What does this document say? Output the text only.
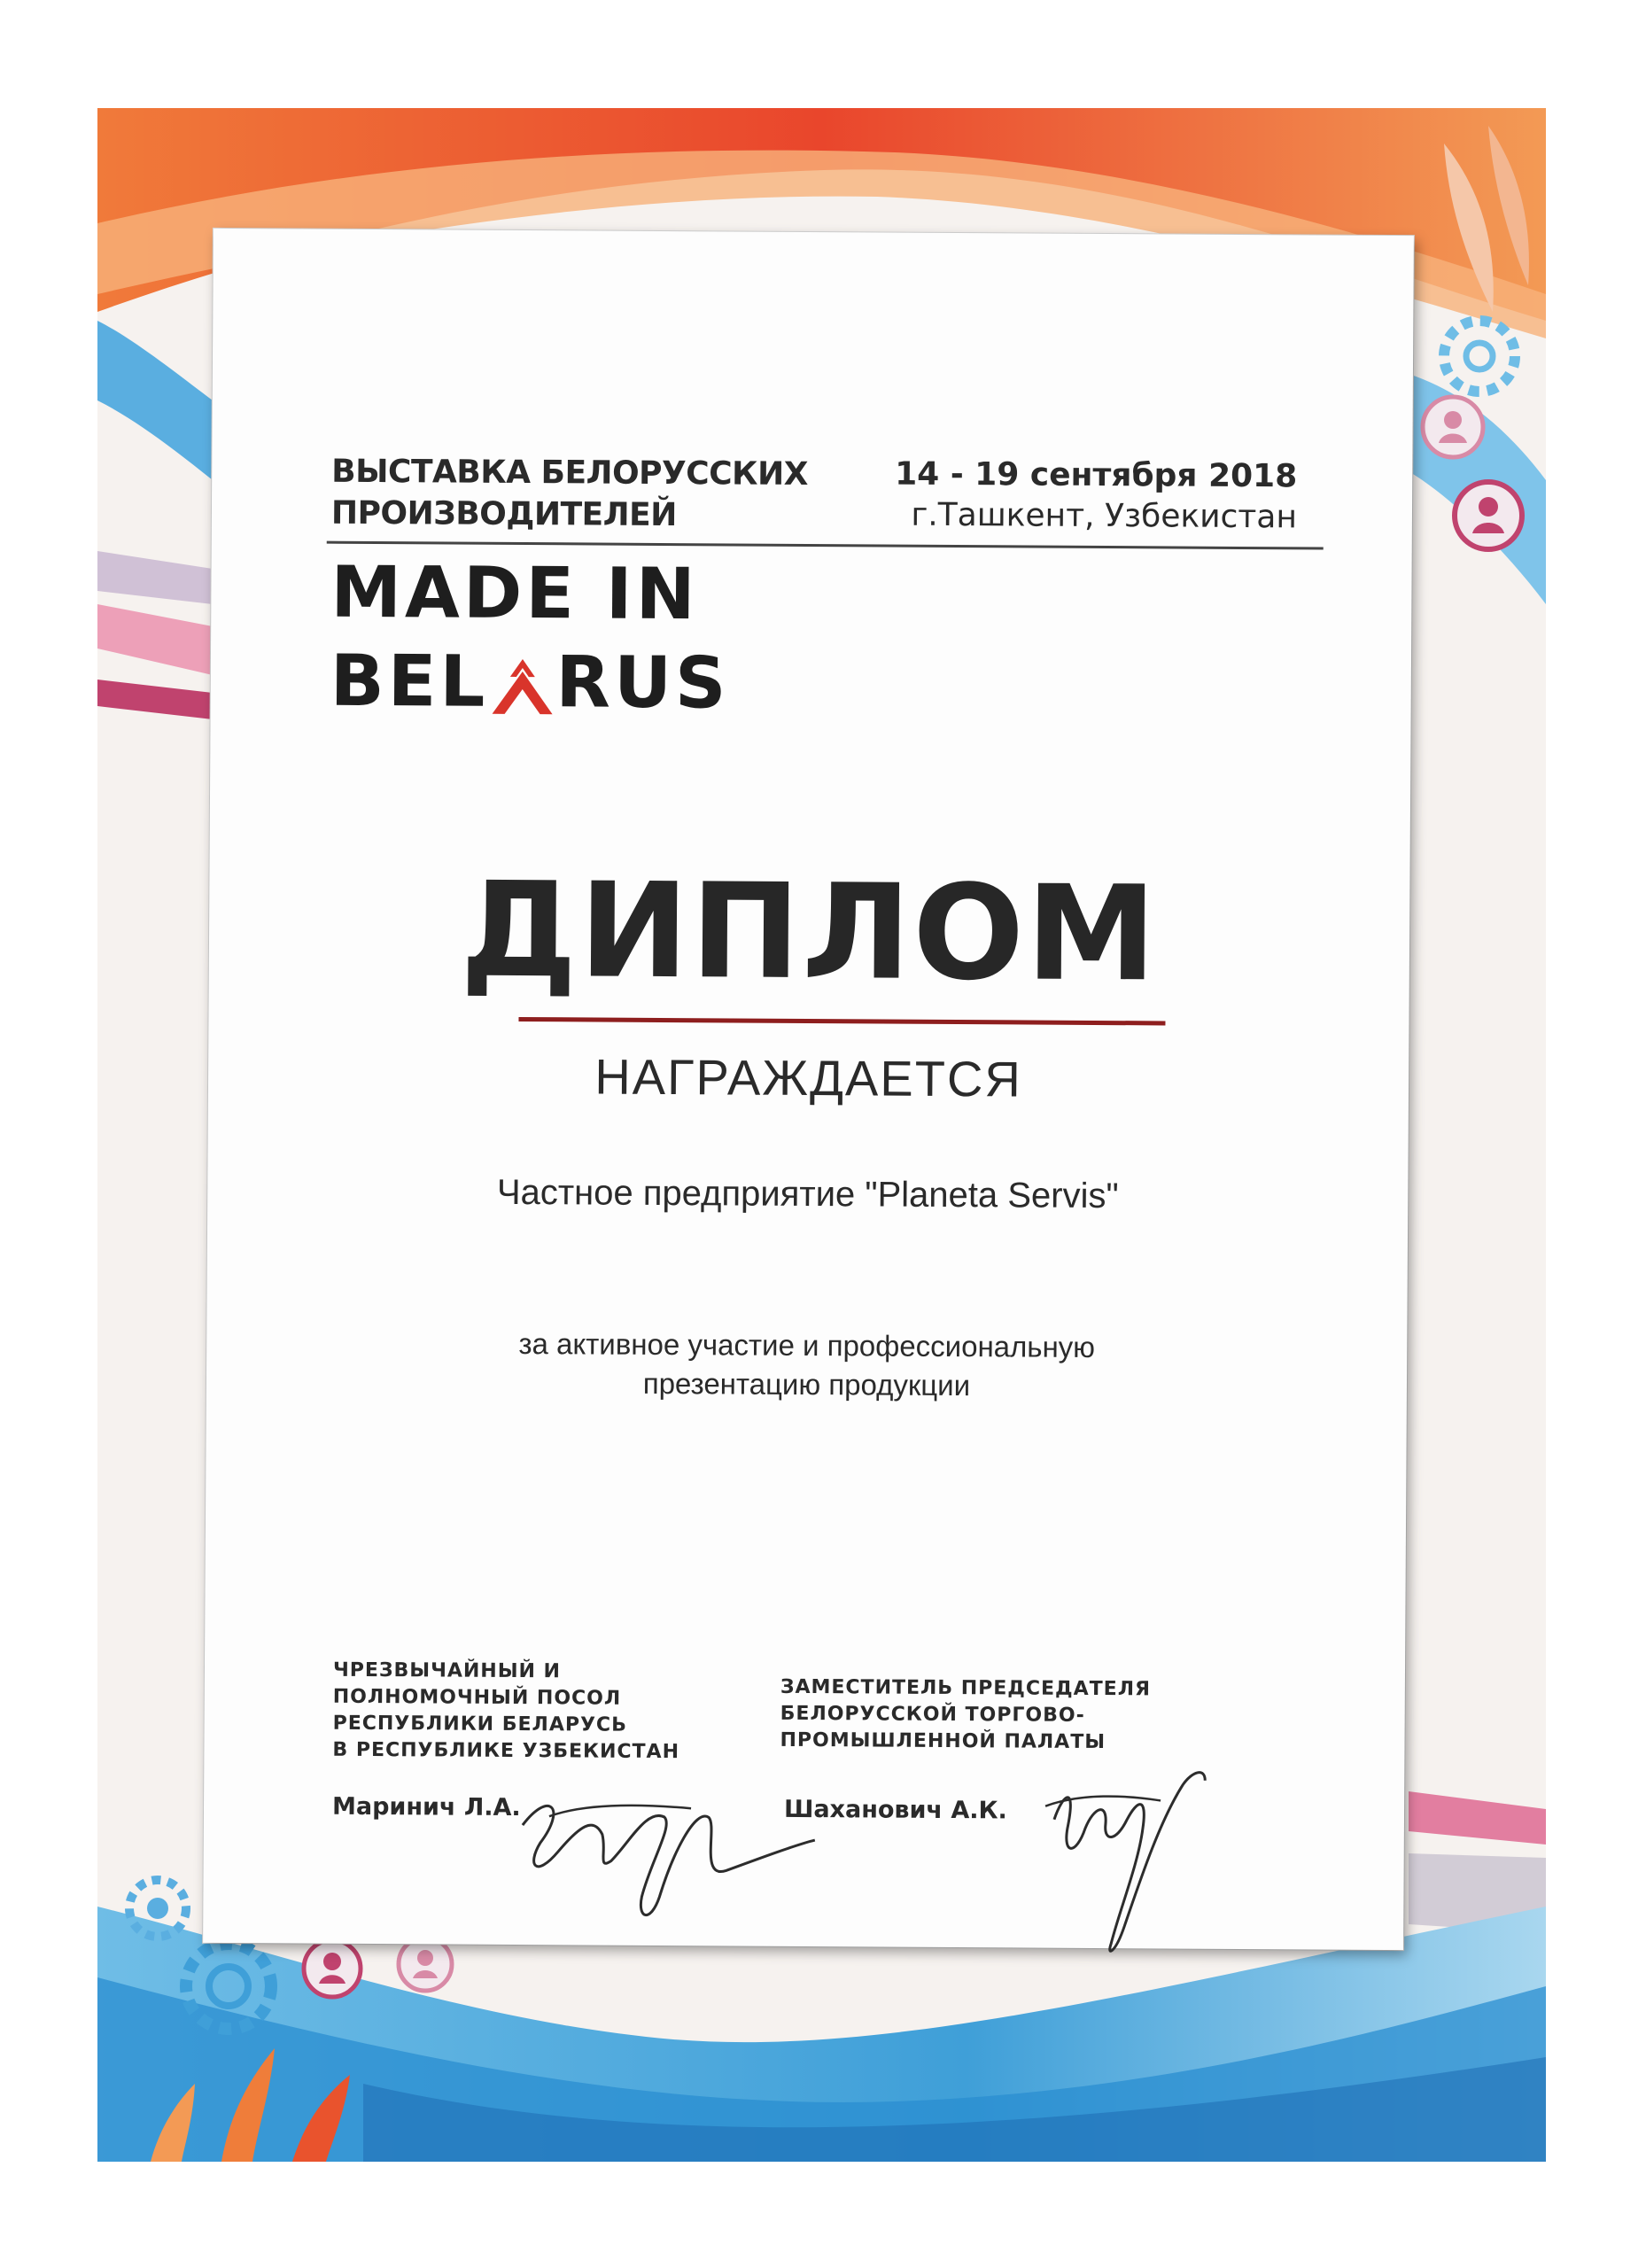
ВЫСТАВКА БЕЛОРУССКИХ
ПРОИЗВОДИТЕЛЕЙ
14 - 19 сентября 2018
г.Ташкент, Узбекистан
MADE IN
BEL RUS
ДИПЛОМ
НАГРАЖДАЕТСЯ
Частное предприятие "Planeta Servis"
за активное участие и профессиональную
презентацию продукции
ЧРЕЗВЫЧАЙНЫЙ И
ПОЛНОМОЧНЫЙ ПОСОЛ
РЕСПУБЛИКИ БЕЛАРУСЬ
В РЕСПУБЛИКЕ УЗБЕКИСТАН
ЗАМЕСТИТЕЛЬ ПРЕДСЕДАТЕЛЯ
БЕЛОРУССКОЙ ТОРГОВО-
ПРОМЫШЛЕННОЙ ПАЛАТЫ
Маринич Л.А.	Шаханович А.К.
